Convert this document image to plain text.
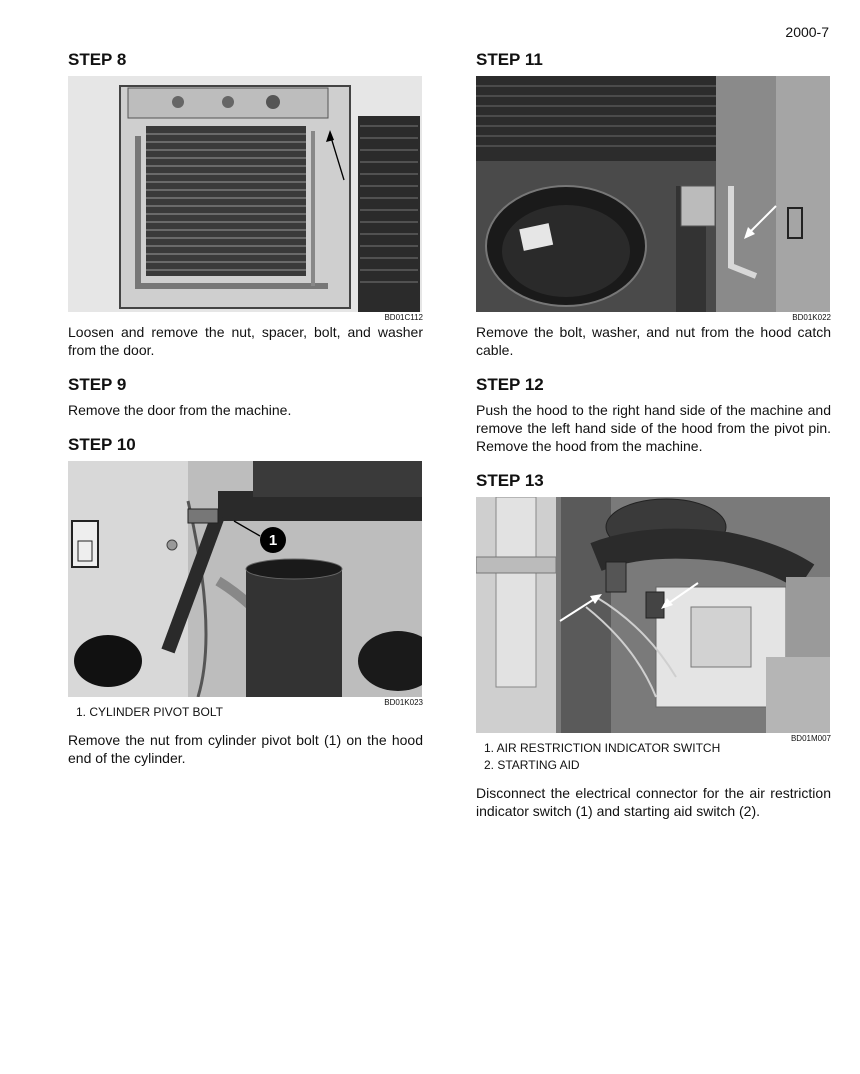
2000-7
STEP 8
BD01C112

Loosen and remove the nut, spacer, bolt, and washer from the door.

STEP 9

Remove the door from the machine.

STEP 10
1
BD01K023
1. CYLINDER PIVOT BOLT

Remove the nut from cylinder pivot bolt (1) on the hood end of the cylinder.

STEP 11
BD01K022

Remove the bolt, washer, and nut from the hood catch cable.

STEP 12

Push the hood to the right hand side of the machine and remove the left hand side of the hood from the pivot pin. Remove the hood from the machine.

STEP 13
BD01M007
1. AIR RESTRICTION INDICATOR SWITCH
2. STARTING AID

Disconnect the electrical connector for the air restriction indicator switch (1) and starting aid switch (2).
